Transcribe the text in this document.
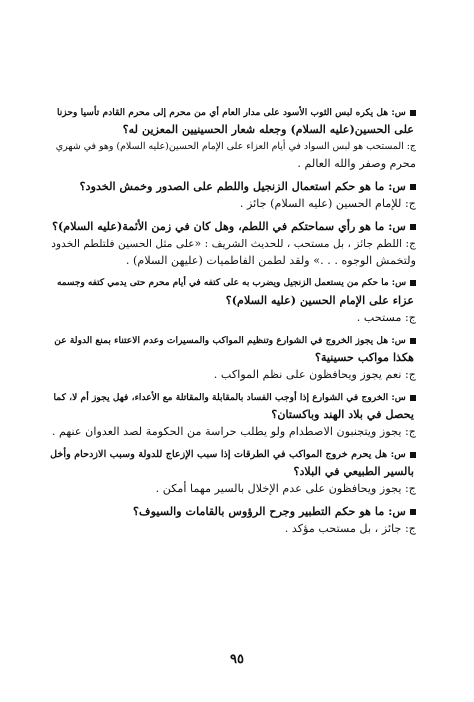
س: هل يكره لبس الثوب الأسود على مدار العام أي من محرم إلى محرم القادم تأسيا وحزنا

على الحسين(عليه السلام) وجعله شعار الحسينيين المعزين له؟

ج: المستحب هو لبس السواد في أيام العزاء على الإمام الحسين(عليه السلام) وهو في شهري

محرم وصفر والله العالم .

س: ما هو حكم استعمال الزنجيل واللطم على الصدور وخمش الخدود؟

ج: للإمام الحسين (عليه السلام) جائز .

س: ما هو رأي سماحتكم في اللطم، وهل كان في زمن الأئمة(عليه السلام)؟

ج: اللطم جائز ، بل مستحب ، للحديث الشريف : «على مثل الحسين فلتلطم الخدود

ولتخمش الوجوه . . .» ولقد لطمن الفاطميات (عليهن السلام) .

س: ما حكم من يستعمل الزنجيل ويضرب به على كتفه في أيام محرم حتى يدمي كتفه وجسمه

عزاء على الإمام الحسين (عليه السلام)؟

ج: مستحب .

س: هل يجوز الخروج في الشوارع وتنظيم المواكب والمسيرات وعدم الاعتناء بمنع الدولة عن

هكذا مواكب حسينية؟

ج: نعم يجوز ويحافظون على نظم المواكب .

س: الخروج في الشوارع إذا أوجب الفساد بالمقابلة والمقاتلة مع الأعداء، فهل يجوز أم لا، كما

يحصل في بلاد الهند وباكستان؟

ج: يجوز ويتجنبون الاصطدام ولو يطلب حراسة من الحكومة لصد العدوان عنهم .

س: هل يحرم خروج المواكب في الطرقات إذا سبب الإزعاج للدولة وسبب الازدحام وأخل

بالسير الطبيعي في البلاد؟

ج: يجوز ويحافظون على عدم الإخلال بالسير مهما أمكن .

س: ما هو حكم التطبير وجرح الرؤوس بالقامات والسيوف؟

ج: جائز ، بل مستحب مؤكد .

٩٥
